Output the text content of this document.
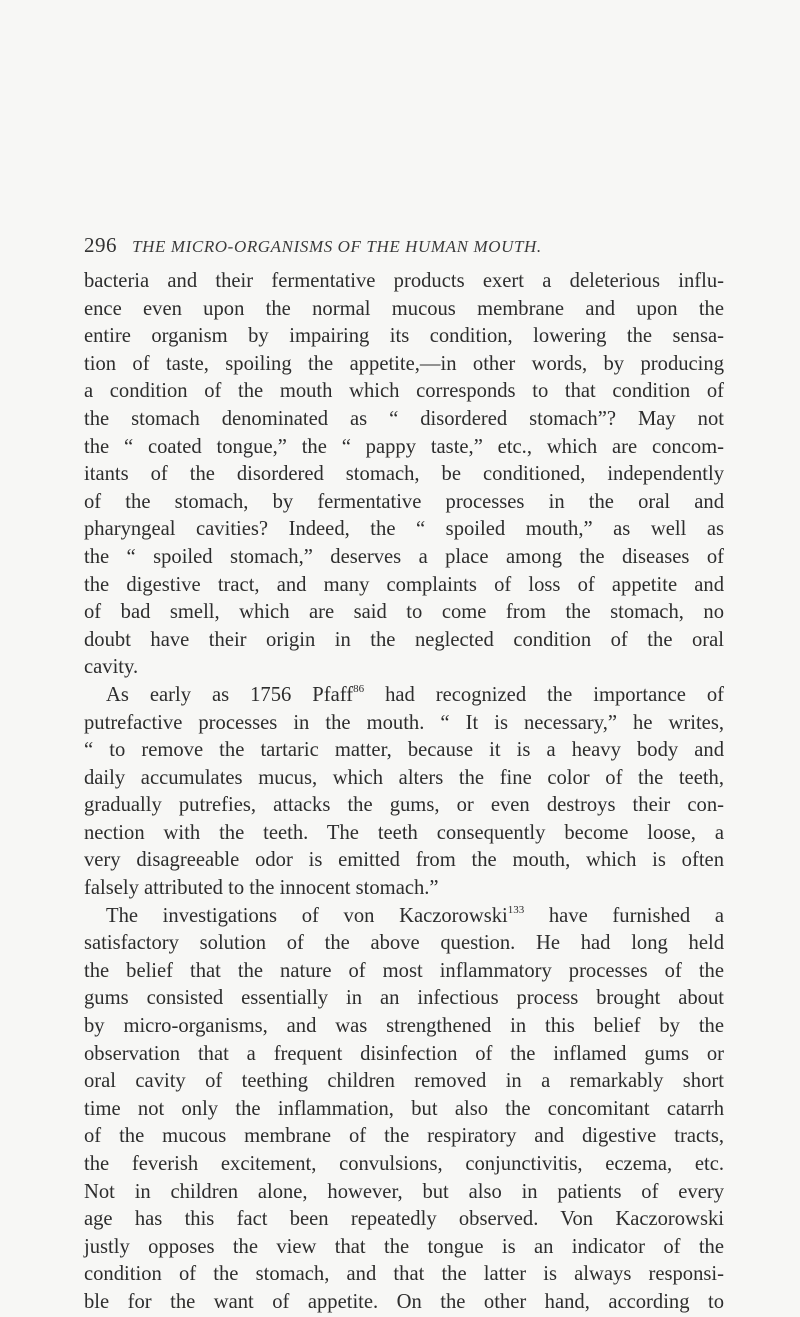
296 THE MICRO-ORGANISMS OF THE HUMAN MOUTH.
bacteria and their fermentative products exert a deleterious influ-
ence even upon the normal mucous membrane and upon the
entire organism by impairing its condition, lowering the sensa-
tion of taste, spoiling the appetite,—in other words, by producing
a condition of the mouth which corresponds to that condition of
the stomach denominated as “ disordered stomach”? May not
the “ coated tongue,” the “ pappy taste,” etc., which are concom-
itants of the disordered stomach, be conditioned, independently
of the stomach, by fermentative processes in the oral and
pharyngeal cavities? Indeed, the “ spoiled mouth,” as well as
the “ spoiled stomach,” deserves a place among the diseases of
the digestive tract, and many complaints of loss of appetite and
of bad smell, which are said to come from the stomach, no
doubt have their origin in the neglected condition of the oral
cavity.
As early as 1756 Pfaff$^{86}$ had recognized the importance of
putrefactive processes in the mouth. “ It is necessary,” he writes,
“ to remove the tartaric matter, because it is a heavy body and
daily accumulates mucus, which alters the fine color of the teeth,
gradually putrefies, attacks the gums, or even destroys their con-
nection with the teeth. The teeth consequently become loose, a
very disagreeable odor is emitted from the mouth, which is often
falsely attributed to the innocent stomach.”
The investigations of von Kaczorowski$^{133}$ have furnished a
satisfactory solution of the above question. He had long held
the belief that the nature of most inflammatory processes of the
gums consisted essentially in an infectious process brought about
by micro-organisms, and was strengthened in this belief by the
observation that a frequent disinfection of the inflamed gums or
oral cavity of teething children removed in a remarkably short
time not only the inflammation, but also the concomitant catarrh
of the mucous membrane of the respiratory and digestive tracts,
the feverish excitement, convulsions, conjunctivitis, eczema, etc.
Not in children alone, however, but also in patients of every
age has this fact been repeatedly observed. Von Kaczorowski
justly opposes the view that the tongue is an indicator of the
condition of the stomach, and that the latter is always responsi-
ble for the want of appetite. On the other hand, according to
